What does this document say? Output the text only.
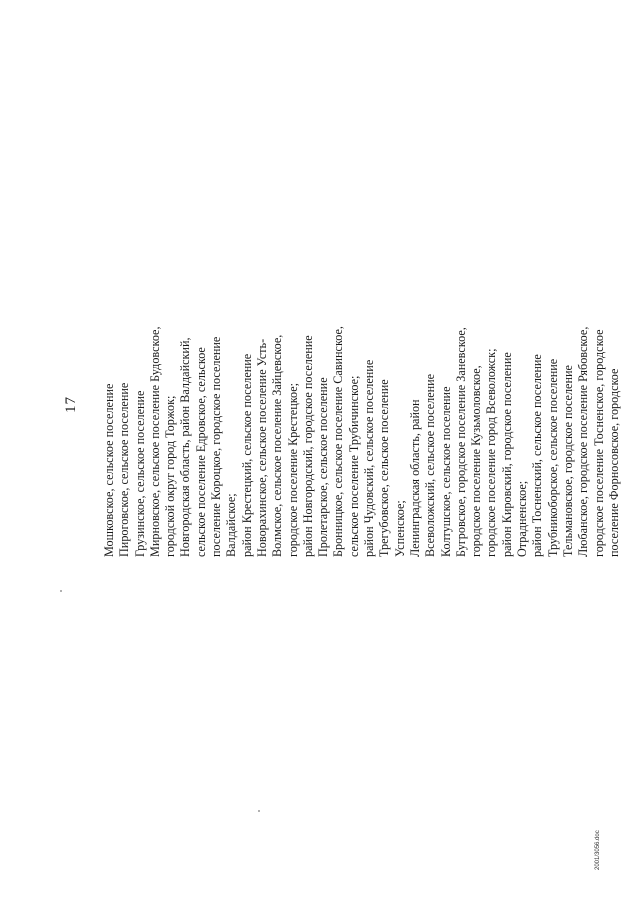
17 Мошковское, сельское поселение Пироговское, сельское поселение Грузинское, сельское поселение Мирновское, сельское поселение Будовское, городской округ город Торжок; Новгородская область, район Валдайский, сельское поселение Едровское, сельское поселение Короцкое, городское поселение Валдайское; район Крестецкий, сельское поселение Новорахинское, сельское поселение Усть- Волмское, сельское поселение Зайцевское, городское поселение Крестецкое; район Новгородский, городское поселение Пролетарское, сельское поселение Бронницкое, сельское поселение Савинское, сельское поселение Трубичинское; район Чудовский, сельское поселение Трегубовское, сельское поселение Успенское; Ленинградская область, район Всеволожский, сельское поселение Колтушское, сельское поселение Бугровское, городское поселение Заневское, городское поселение Кузьмоловское, городское поселение город Всеволожск; район Кировский, городское поселение Отрадненское; район Тосненский, сельское поселение Трубникоборское, сельское поселение Тельмановское, городское поселение Любанское, городское поселение Рябовское, городское поселение Тосненское, городское поселение Форносовское, городское
2001/3056.doc
